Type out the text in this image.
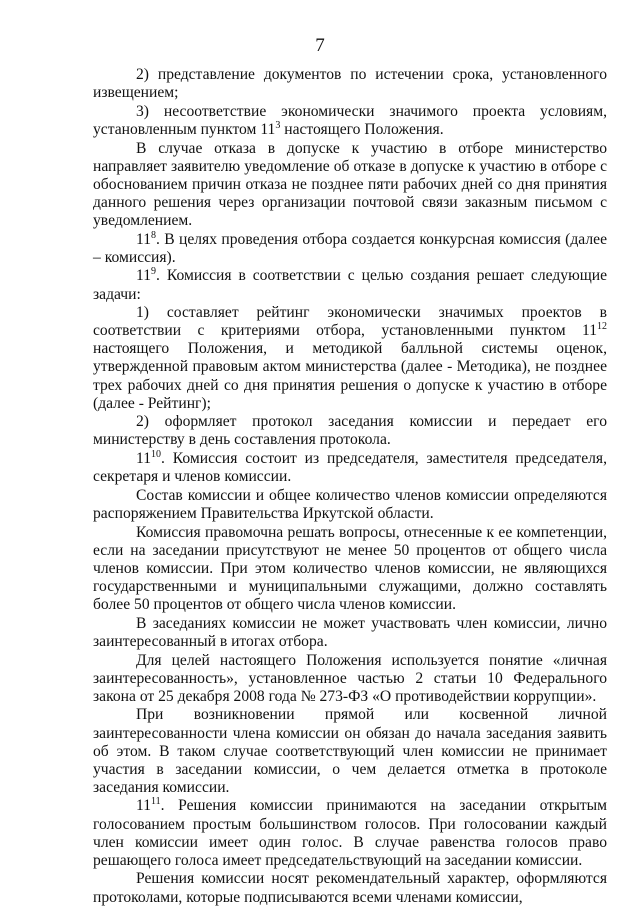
7

2) представление документов по истечении срока, установленного извещением;

3) несоответствие экономически значимого проекта условиям, установленным пунктом $11^3$ настоящего Положения.

В случае отказа в допуске к участию в отборе министерство направляет заявителю уведомление об отказе в допуске к участию в отборе с обоснованием причин отказа не позднее пяти рабочих дней со дня принятия данного решения через организации почтовой связи заказным письмом с уведомлением.

$11^8$. В целях проведения отбора создается конкурсная комиссия (далее – комиссия).

$11^9$. Комиссия в соответствии с целью создания решает следующие задачи:

1) составляет рейтинг экономически значимых проектов в соответствии с критериями отбора, установленными пунктом $11^{12}$ настоящего Положения, и методикой балльной системы оценок, утвержденной правовым актом министерства (далее - Методика), не позднее трех рабочих дней со дня принятия решения о допуске к участию в отборе (далее - Рейтинг);

2) оформляет протокол заседания комиссии и передает его министерству в день составления протокола.

$11^{10}$. Комиссия состоит из председателя, заместителя председателя, секретаря и членов комиссии.

Состав комиссии и общее количество членов комиссии определяются распоряжением Правительства Иркутской области.

Комиссия правомочна решать вопросы, отнесенные к ее компетенции, если на заседании присутствуют не менее 50 процентов от общего числа членов комиссии. При этом количество членов комиссии, не являющихся государственными и муниципальными служащими, должно составлять более 50 процентов от общего числа членов комиссии.

В заседаниях комиссии не может участвовать член комиссии, лично заинтересованный в итогах отбора.

Для целей настоящего Положения используется понятие «личная заинтересованность», установленное частью 2 статьи 10 Федерального закона от 25 декабря 2008 года № 273-ФЗ «О противодействии коррупции».

При возникновении прямой или косвенной личной заинтересованности члена комиссии он обязан до начала заседания заявить об этом. В таком случае соответствующий член комиссии не принимает участия в заседании комиссии, о чем делается отметка в протоколе заседания комиссии.

$11^{11}$. Решения комиссии принимаются на заседании открытым голосованием простым большинством голосов. При голосовании каждый член комиссии имеет один голос. В случае равенства голосов право решающего голоса имеет председательствующий на заседании комиссии.

Решения комиссии носят рекомендательный характер, оформляются протоколами, которые подписываются всеми членами комиссии,
